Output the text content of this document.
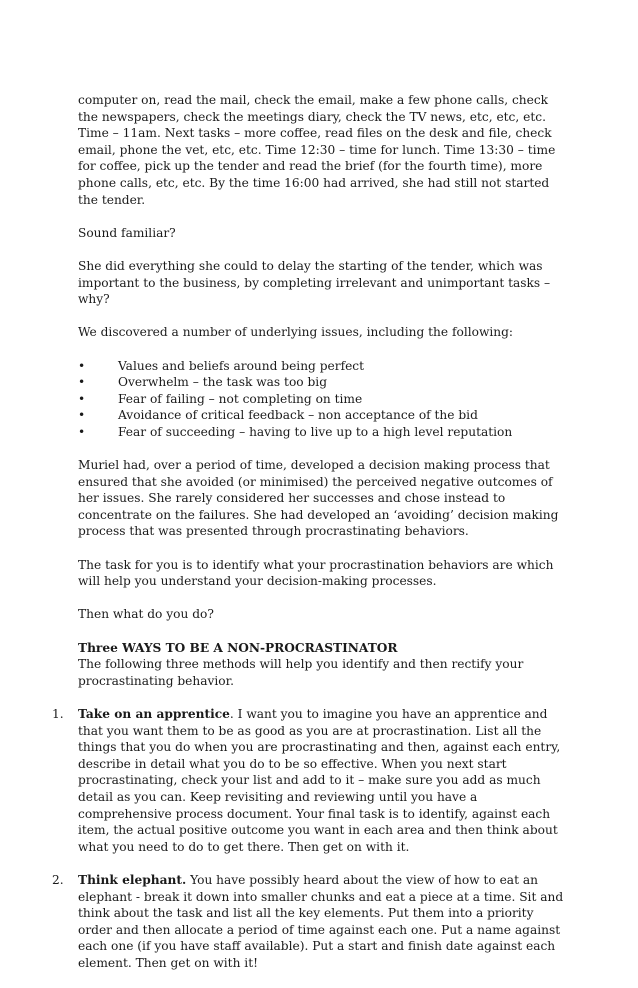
computer on, read the mail, check the email, make a few phone calls, check the newspapers, check the meetings diary, check the TV news, etc, etc, etc. Time – 11am. Next tasks – more coffee, read files on the desk and file, check email, phone the vet, etc, etc. Time 12:30 – time for lunch. Time 13:30 – time for coffee, pick up the tender and read the brief (for the fourth time), more phone calls, etc, etc. By the time 16:00 had arrived, she had still not started the tender.

Sound familiar?

She did everything she could to delay the starting of the tender, which was important to the business, by completing irrelevant and unimportant tasks – why?

We discovered a number of underlying issues, including the following:

•	Values and beliefs around being perfect
•	Overwhelm – the task was too big
•	Fear of failing – not completing on time
•	Avoidance of critical feedback – non acceptance of the bid
•	Fear of succeeding – having to live up to a high level reputation

Muriel had, over a period of time, developed a decision making process that ensured that she avoided (or minimised) the perceived negative outcomes of her issues. She rarely considered her successes and chose instead to concentrate on the failures. She had developed an ‘avoiding’ decision making process that was presented through procrastinating behaviors.

The task for you is to identify what your procrastination behaviors are which will help you understand your decision-making processes.

Then what do you do?

Three WAYS TO BE A NON-PROCRASTINATOR
The following three methods will help you identify and then rectify your procrastinating behavior.

1. Take on an apprentice. I want you to imagine you have an apprentice and that you want them to be as good as you are at procrastination. List all the things that you do when you are procrastinating and then, against each entry, describe in detail what you do to be so effective. When you next start procrastinating, check your list and add to it – make sure you add as much detail as you can. Keep revisiting and reviewing until you have a comprehensive process document. Your final task is to identify, against each item, the actual positive outcome you want in each area and then think about what you need to do to get there. Then get on with it.
2. Think elephant. You have possibly heard about the view of how to eat an elephant - break it down into smaller chunks and eat a piece at a time. Sit and think about the task and list all the key elements. Put them into a priority order and then allocate a period of time against each one. Put a name against each one (if you have staff available). Put a start and finish date against each element. Then get on with it!
